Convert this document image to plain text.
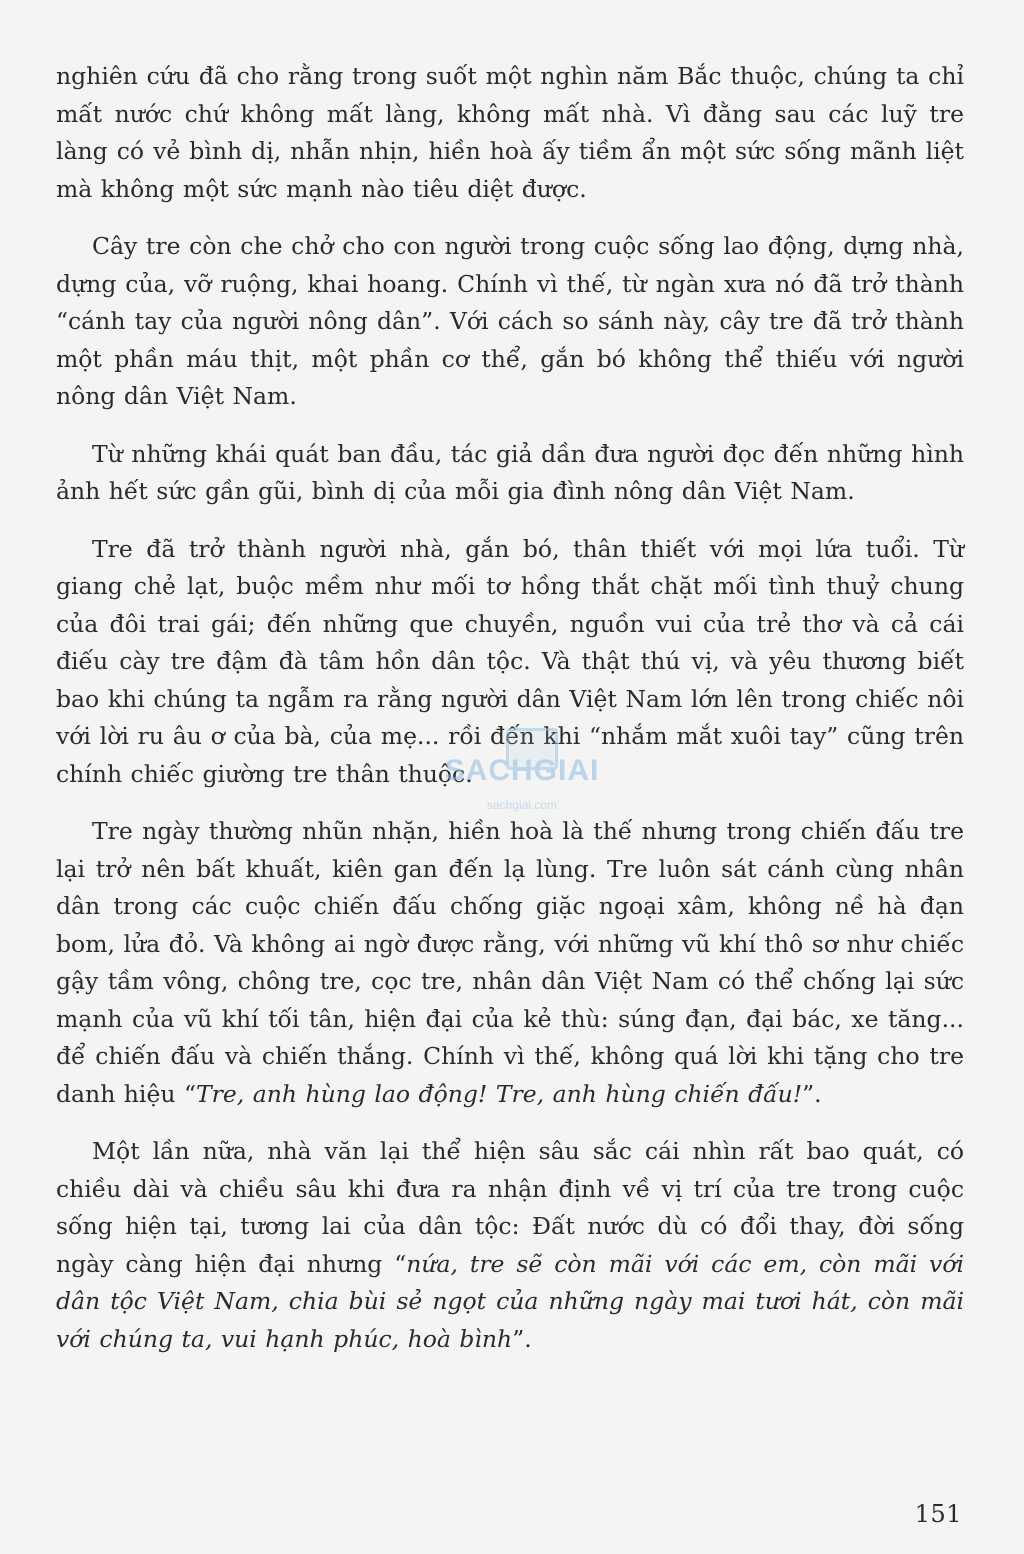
nghiên cứu đã cho rằng trong suốt một nghìn năm Bắc thuộc, chúng ta chỉ mất nước chứ không mất làng, không mất nhà. Vì đằng sau các luỹ tre làng có vẻ bình dị, nhẫn nhịn, hiền hoà ấy tiềm ẩn một sức sống mãnh liệt mà không một sức mạnh nào tiêu diệt được.

Cây tre còn che chở cho con người trong cuộc sống lao động, dựng nhà, dựng của, vỡ ruộng, khai hoang. Chính vì thế, từ ngàn xưa nó đã trở thành “cánh tay của người nông dân”. Với cách so sánh này, cây tre đã trở thành một phần máu thịt, một phần cơ thể, gắn bó không thể thiếu với người nông dân Việt Nam.

Từ những khái quát ban đầu, tác giả dần đưa người đọc đến những hình ảnh hết sức gần gũi, bình dị của mỗi gia đình nông dân Việt Nam.

Tre đã trở thành người nhà, gắn bó, thân thiết với mọi lứa tuổi. Từ giang chẻ lạt, buộc mềm như mối tơ hồng thắt chặt mối tình thuỷ chung của đôi trai gái; đến những que chuyền, nguồn vui của trẻ thơ và cả cái điếu cày tre đậm đà tâm hồn dân tộc. Và thật thú vị, và yêu thương biết bao khi chúng ta ngẫm ra rằng người dân Việt Nam lớn lên trong chiếc nôi với lời ru âu ơ của bà, của mẹ... rồi đến khi “nhắm mắt xuôi tay” cũng trên chính chiếc giường tre thân thuộc.

Tre ngày thường nhũn nhặn, hiền hoà là thế nhưng trong chiến đấu tre lại trở nên bất khuất, kiên gan đến lạ lùng. Tre luôn sát cánh cùng nhân dân trong các cuộc chiến đấu chống giặc ngoại xâm, không nề hà đạn bom, lửa đỏ. Và không ai ngờ được rằng, với những vũ khí thô sơ như chiếc gậy tầm vông, chông tre, cọc tre, nhân dân Việt Nam có thể chống lại sức mạnh của vũ khí tối tân, hiện đại của kẻ thù: súng đạn, đại bác, xe tăng... để chiến đấu và chiến thắng. Chính vì thế, không quá lời khi tặng cho tre danh hiệu “Tre, anh hùng lao động! Tre, anh hùng chiến đấu!”.

Một lần nữa, nhà văn lại thể hiện sâu sắc cái nhìn rất bao quát, có chiều dài và chiều sâu khi đưa ra nhận định về vị trí của tre trong cuộc sống hiện tại, tương lai của dân tộc: Đất nước dù có đổi thay, đời sống ngày càng hiện đại nhưng “nứa, tre sẽ còn mãi với các em, còn mãi với dân tộc Việt Nam, chia bùi sẻ ngọt của những ngày mai tươi hát, còn mãi với chúng ta, vui hạnh phúc, hoà bình”.

SACHGIAI
sachgiai.com
151
